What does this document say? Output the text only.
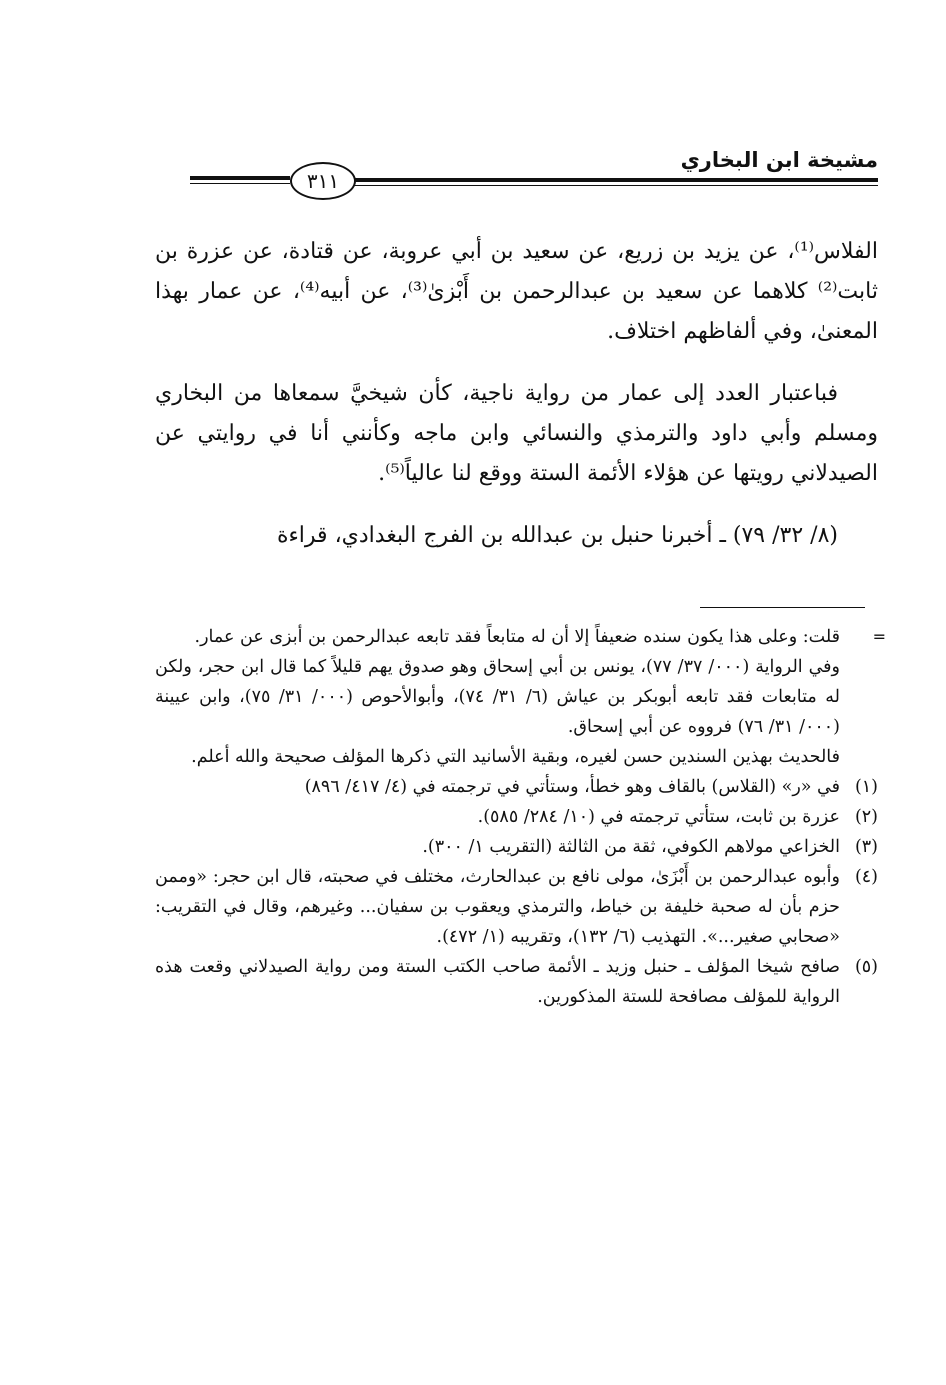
مشيخة ابن البخاري
٣١١

الفلاس⁽¹⁾، عن يزيد بن زريع، عن سعيد بن أبي عروبة، عن قتادة، عن عزرة بن ثابت⁽²⁾ كلاهما عن سعيد بن عبدالرحمن بن أَبْزىٰ⁽³⁾، عن أبيه⁽⁴⁾، عن عمار بهذا المعنىٰ، وفي ألفاظهم اختلاف.

فباعتبار العدد إلى عمار من رواية ناجية، كأن شيخيَّ سمعاها من البخاري ومسلم وأبي داود والترمذي والنسائي وابن ماجه وكأنني أنا في روايتي عن الصيدلاني رويتها عن هؤلاء الأئمة الستة ووقع لنا عالياً⁽⁵⁾.

(٨/ ٣٢/ ٧٩) ـ أخبرنا حنبل بن عبدالله بن الفرج البغدادي، قراءة

=

قلت: وعلى هذا يكون سنده ضعيفاً إلا أن له متابعاً فقد تابعه عبدالرحمن بن أبزى عن عمار.

وفي الرواية (٠٠٠/ ٣٧/ ٧٧)، يونس بن أبي إسحاق وهو صدوق يهم قليلاً كما قال ابن حجر، ولكن له متابعات فقد تابعه أبوبكر بن عياش (٦/ ٣١/ ٧٤)، وأبوالأحوص (٠٠٠/ ٣١/ ٧٥)، وابن عيينة (٠٠٠/ ٣١/ ٧٦) فرووه عن أبي إسحاق.

فالحديث بهذين السندين حسن لغيره، وبقية الأسانيد التي ذكرها المؤلف صحيحة والله أعلم.

(١)
في «ر» (القلاس) بالقاف وهو خطأ، وستأتي في ترجمته في (٤/ ٤١٧/ ٨٩٦)
(٢)
عزرة بن ثابت، ستأتي ترجمته في (١٠/ ٢٨٤/ ٥٨٥).
(٣)
الخزاعي مولاهم الكوفي، ثقة من الثالثة (التقريب ١/ ٣٠٠).
(٤)
وأبوه عبدالرحمن بن أَبْزَىٰ، مولى نافع بن عبدالحارث، مختلف في صحبته، قال ابن حجر: «وممن حزم بأن له صحبة خليفة بن خياط، والترمذي ويعقوب بن سفيان... وغيرهم، وقال في التقريب: «صحابي صغير...». التهذيب (٦/ ١٣٢)، وتقريبه (١/ ٤٧٢).
(٥)
صافح شيخا المؤلف ـ حنبل وزيد ـ الأئمة صاحب الكتب الستة ومن رواية الصيدلاني وقعت هذه الرواية للمؤلف مصافحة للستة المذكورين.
